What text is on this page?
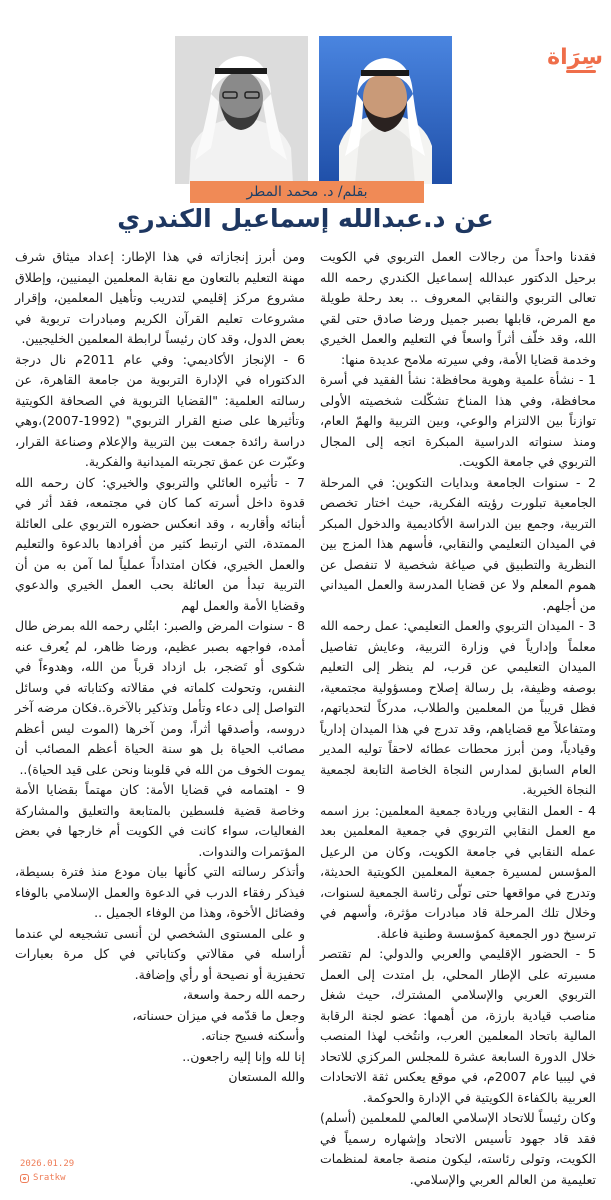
سِرَاة
بقلم/ د. محمد المطر
عن د.عبدالله إسماعيل الكندري

فقدنا واحداً من رجالات العمل التربوي في الكويت برحيل الدكتور عبدالله إسماعيل الكندري رحمه الله تعالى التربوي والنقابي المعروف .. بعد رحلة طويلة مع المرض، قابلها بصبر جميل ورضا صادق حتى لقي الله، وقد خلّف أثراً واسعاً في التعليم والعمل الخيري وخدمة قضايا الأمة، وفي سيرته ملامح عديدة منها:

1 - نشأة علمية وهوية محافظة: نشأ الفقيد في أسرة محافظة، وفي هذا المناخ تشكّلت شخصيته الأولى توازناً بين الالتزام والوعي، وبين التربية والهمّ العام، ومنذ سنواته الدراسية المبكرة اتجه إلى المجال التربوي في جامعة الكويت.

2 - سنوات الجامعة وبدايات التكوين: في المرحلة الجامعية تبلورت رؤيته الفكرية، حيث اختار تخصص التربية، وجمع بين الدراسة الأكاديمية والدخول المبكر في الميدان التعليمي والنقابي، فأسهم هذا المزج بين النظرية والتطبيق في صياغة شخصية لا تنفصل عن هموم المعلم ولا عن قضايا المدرسة والعمل الميداني من أجلهم.

3 - الميدان التربوي والعمل التعليمي: عمل رحمه الله معلماً وإدارياً في وزارة التربية، وعايش تفاصيل الميدان التعليمي عن قرب، لم ينظر إلى التعليم بوصفه وظيفة، بل رسالة إصلاح ومسؤولية مجتمعية، فظل قريباً من المعلمين والطلاب، مدركاً لتحدياتهم، ومتفاعلاً مع قضاياهم، وقد تدرج في هذا الميدان إدارياً وقيادياً، ومن أبرز محطات عطائه لاحقاً توليه المدير العام السابق لمدارس النجاة الخاصة التابعة لجمعية النجاة الخيرية.

4 - العمل النقابي وريادة جمعية المعلمين: برز اسمه مع العمل النقابي التربوي في جمعية المعلمين بعد عمله النقابي في جامعة الكويت، وكان من الرعيل المؤسس لمسيرة جمعية المعلمين الكويتية الحديثة، وتدرج في مواقعها حتى تولّى رئاسة الجمعية لسنوات، وخلال تلك المرحلة قاد مبادرات مؤثرة، وأسهم في ترسيخ دور الجمعية كمؤسسة وطنية فاعلة.

5 - الحضور الإقليمي والعربي والدولي: لم تقتصر مسيرته على الإطار المحلي، بل امتدت إلى العمل التربوي العربي والإسلامي المشترك، حيث شغل مناصب قيادية بارزة، من أهمها: عضو لجنة الرقابة المالية باتحاد المعلمين العرب، وانتُخب لهذا المنصب خلال الدورة السابعة عشرة للمجلس المركزي للاتحاد في ليبيا عام 2007م، في موقع يعكس ثقة الاتحادات العربية بالكفاءة الكويتية في الإدارة والحوكمة.

وكان رئيساً للاتحاد الإسلامي العالمي للمعلمين (أسلم) فقد قاد جهود تأسيس الاتحاد وإشهاره رسمياً في الكويت، وتولى رئاسته، ليكون منصة جامعة لمنظمات تعليمية من العالم العربي والإسلامي.

ومن أبرز إنجازاته في هذا الإطار: إعداد ميثاق شرف مهنة التعليم بالتعاون مع نقابة المعلمين اليمنيين، وإطلاق مشروع مركز إقليمي لتدريب وتأهيل المعلمين، وإقرار مشروعات تعليم القرآن الكريم ومبادرات تربوية في بعض الدول، وقد كان رئيساً لرابطة المعلمين الخليجيين.

6 - الإنجاز الأكاديمي: وفي عام 2011م نال درجة الدكتوراه في الإدارة التربوية من جامعة القاهرة، عن رسالته العلمية: "القضايا التربوية في الصحافة الكويتية وتأثيرها على صنع القرار التربوي" (1992-2007)،وهي دراسة رائدة جمعت بين التربية والإعلام وصناعة القرار، وعبّرت عن عمق تجربته الميدانية والفكرية.

7 - تأثيره العائلي والتربوي والخيري: كان رحمه الله قدوة داخل أسرته كما كان في مجتمعه، فقد أثر في أبنائه وأقاربه ، وقد انعكس حضوره التربوي على العائلة الممتدة، التي ارتبط كثير من أفرادها بالدعوة والتعليم والعمل الخيري، فكان امتداداً عملياً لما آمن به من أن التربية تبدأ من العائلة بحب العمل الخيري والدعوي وقضايا الأمة والعمل لهم

8 - سنوات المرض والصبر: ابتُلي رحمه الله بمرض طال أمده، فواجهه بصبر عظيم، ورضا ظاهر، لم يُعرف عنه شكوى أو تَضجر، بل ازداد قرباً من الله، وهدوءاً في النفس، وتحولت كلماته في مقالاته وكتاباته في وسائل التواصل إلى دعاء وتأمل وتذكير بالآخرة..فكان مرضه آخر دروسه، وأصدقها أثراً، ومن آخرها (الموت ليس أعظم مصائب الحياة بل هو سنة الحياة أعظم المصائب أن يموت الخوف من الله في قلوبنا ونحن على قيد الحياة)..

9 - اهتمامه في قضايا الأمة: كان مهتماً بقضايا الأمة وخاصة قضية فلسطين بالمتابعة والتعليق والمشاركة الفعاليات، سواء كانت في الكويت أم خارجها في بعض المؤتمرات والندوات.

وأتذكر رسالته التي كأنها بيان مودع منذ فترة بسيطة، فيذكر رفقاء الدرب في الدعوة والعمل الإسلامي بالوفاء وفضائل الأخوة، وهذا من الوفاء الجميل ..

و على المستوى الشخصي لن أنسى تشجيعه لي عندما أراسله في مقالاتي وكتاباتي في كل مرة بعبارات تحفيزية أو نصيحة أو رأي وإضافة.

رحمه الله رحمة واسعة،

وجعل ما قدّمه في ميزان حسناته،

وأسكنه فسيح جناته.

إنا لله وإنا إليه راجعون..

والله المستعان

2026.01.29
Sratkw
